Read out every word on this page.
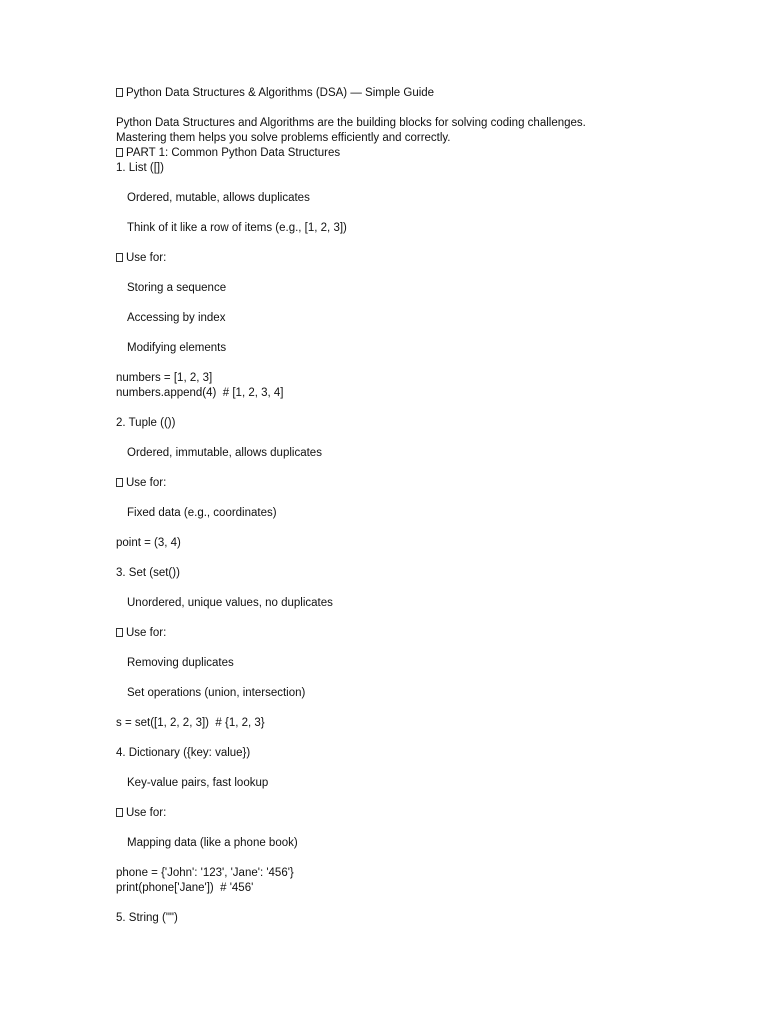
Python Data Structures & Algorithms (DSA) — Simple Guide
Python Data Structures and Algorithms are the building blocks for solving coding challenges.
Mastering them helps you solve problems efficiently and correctly.
PART 1: Common Python Data Structures
1. List ([])
Ordered, mutable, allows duplicates
Think of it like a row of items (e.g., [1, 2, 3])
Use for:
Storing a sequence
Accessing by index
Modifying elements
numbers = [1, 2, 3]
numbers.append(4)  # [1, 2, 3, 4]
2. Tuple (())
Ordered, immutable, allows duplicates
Use for:
Fixed data (e.g., coordinates)
point = (3, 4)
3. Set (set())
Unordered, unique values, no duplicates
Use for:
Removing duplicates
Set operations (union, intersection)
s = set([1, 2, 2, 3])  # {1, 2, 3}
4. Dictionary ({key: value})
Key-value pairs, fast lookup
Use for:
Mapping data (like a phone book)
phone = {'John': '123', 'Jane': '456'}
print(phone['Jane'])  # '456'
5. String ("")
